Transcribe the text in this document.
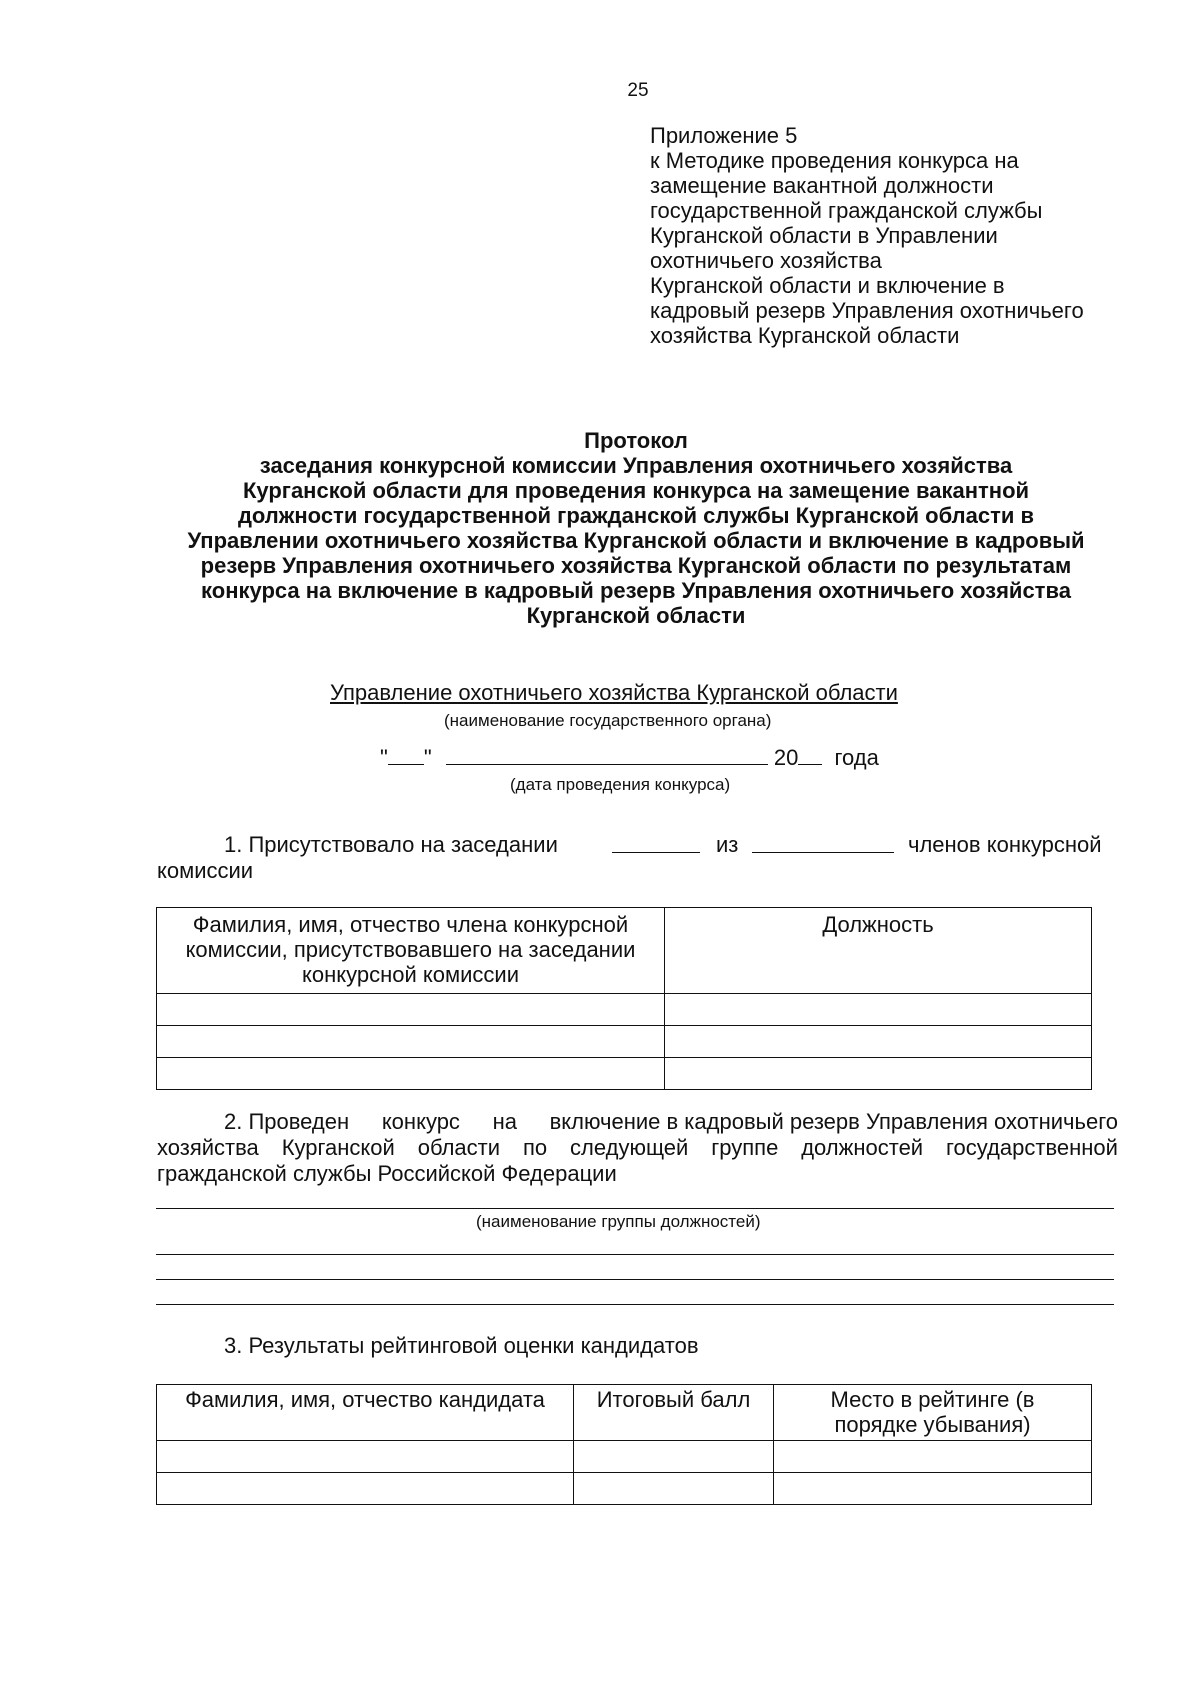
25
Приложение 5
к Методике проведения конкурса на
замещение вакантной должности
государственной гражданской службы
Курганской области в Управлении
охотничьего хозяйства
Курганской области и включение в
кадровый резерв Управления охотничьего
хозяйства Курганской области
Протокол
заседания конкурсной комиссии Управления охотничьего хозяйства
Курганской области для проведения конкурса на замещение вакантной
должности государственной гражданской службы Курганской области в
Управлении охотничьего хозяйства Курганской области и включение в кадровый
резерв Управления охотничьего хозяйства Курганской области по результатам
конкурса на включение в кадровый резерв Управления охотничьего хозяйства
Курганской области
Управление охотничьего хозяйства Курганской области
(наименование государственного органа)
" "	20 года
(дата проведения конкурса)
1. Присутствовало на заседании	из	членов конкурсной
комиссии
Фамилия, имя, отчество члена конкурсной комиссии, присутствовавшего на заседании конкурсной комиссии	Должность

2. Проведен конкурс на включение в кадровый резерв Управления охотничьего
хозяйства Курганской области по следующей группе должностей государственной
гражданской службы Российской Федерации
(наименование группы должностей)
3. Результаты рейтинговой оценки кандидатов
Фамилия, имя, отчество кандидата	Итоговый балл	Место в рейтинге (в порядке убывания)
